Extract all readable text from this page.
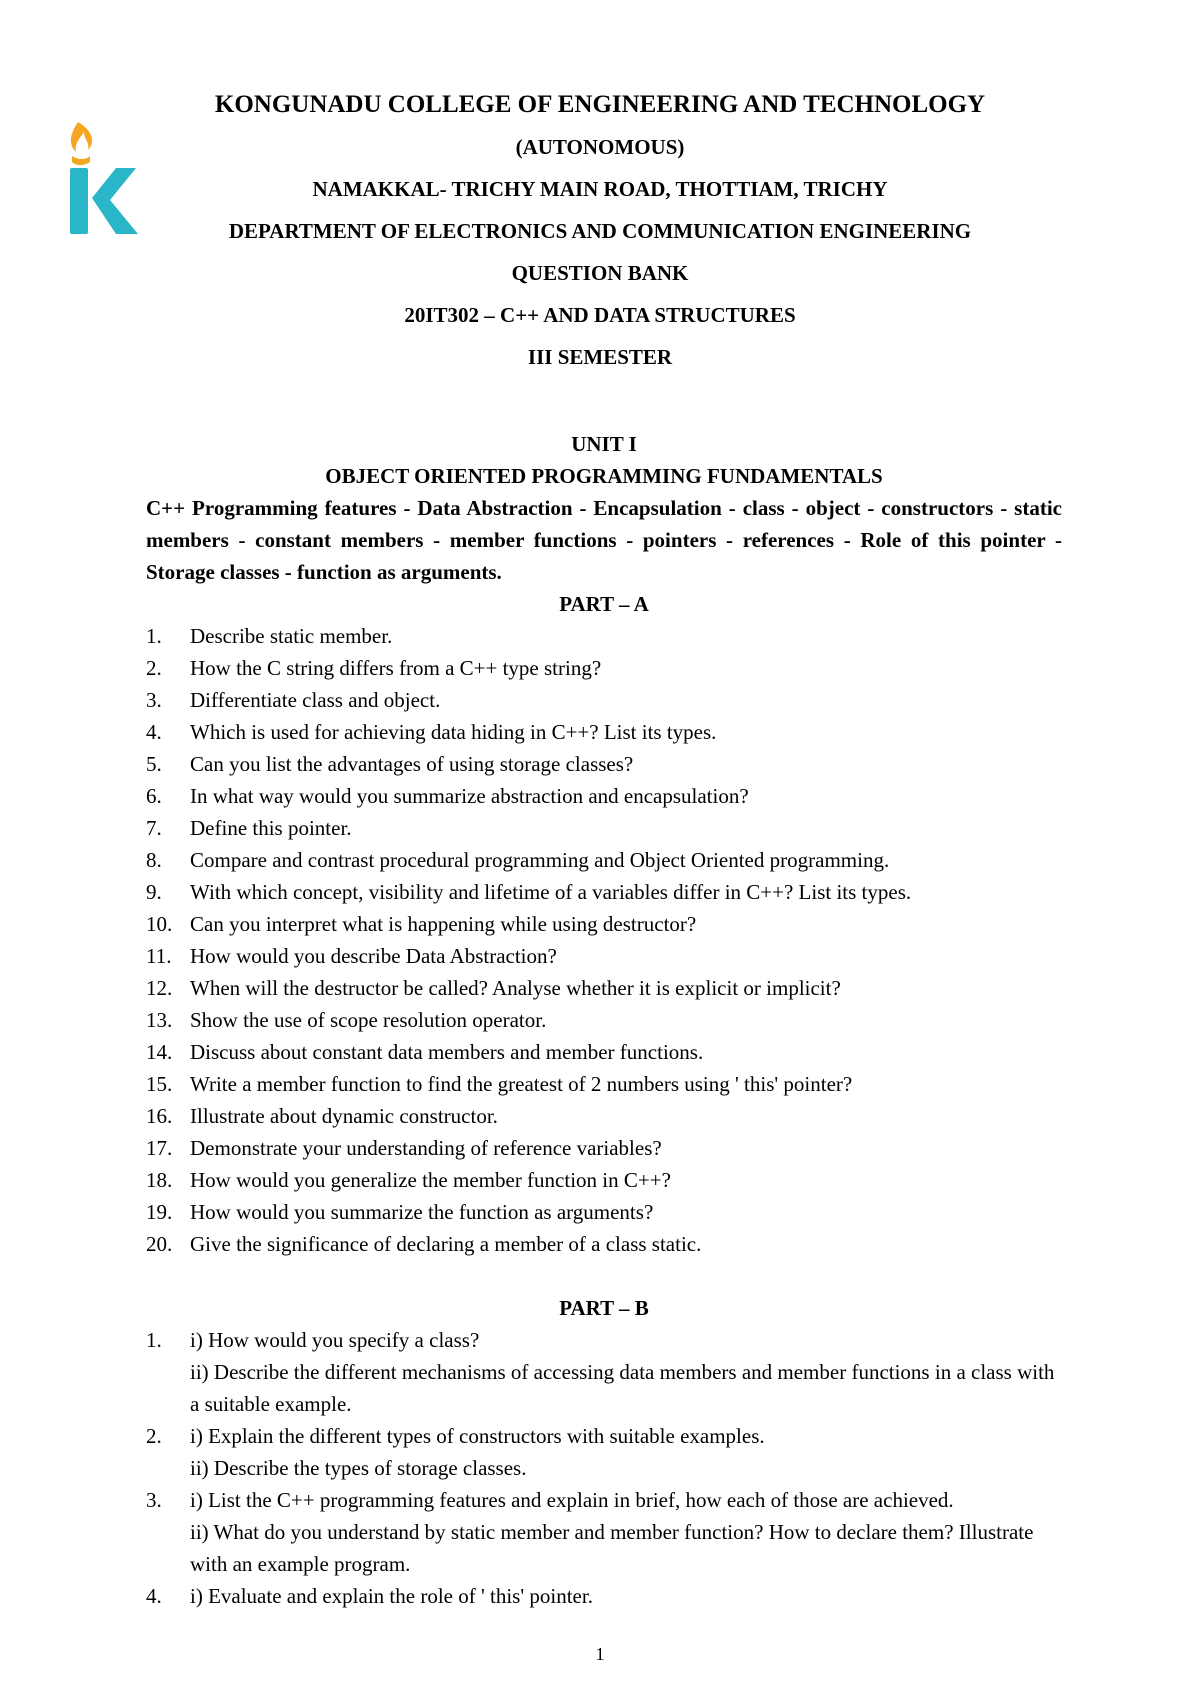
KONGUNADU COLLEGE OF ENGINEERING AND TECHNOLOGY
(AUTONOMOUS)
NAMAKKAL- TRICHY MAIN ROAD, THOTTIAM, TRICHY
DEPARTMENT OF ELECTRONICS AND COMMUNICATION ENGINEERING
QUESTION BANK
20IT302 – C++ AND DATA STRUCTURES
III SEMESTER
UNIT I
OBJECT ORIENTED PROGRAMMING FUNDAMENTALS
C++ Programming features - Data Abstraction - Encapsulation - class - object - constructors - static members - constant members - member functions - pointers - references - Role of this pointer - Storage classes - function as arguments.
PART – A
1. Describe static member.
2. How the C string differs from a C++ type string?
3. Differentiate class and object.
4. Which is used for achieving data hiding in C++? List its types.
5. Can you list the advantages of using storage classes?
6. In what way would you summarize abstraction and encapsulation?
7. Define this pointer.
8. Compare and contrast procedural programming and Object Oriented programming.
9. With which concept, visibility and lifetime of a variables differ in C++? List its types.
10. Can you interpret what is happening while using destructor?
11. How would you describe Data Abstraction?
12. When will the destructor be called? Analyse whether it is explicit or implicit?
13. Show the use of scope resolution operator.
14. Discuss about constant data members and member functions.
15. Write a member function to find the greatest of 2 numbers using ' this' pointer?
16. Illustrate about dynamic constructor.
17. Demonstrate your understanding of reference variables?
18. How would you generalize the member function in C++?
19. How would you summarize the function as arguments?
20. Give the significance of declaring a member of a class static.
PART – B
1. i) How would you specify a class?
ii) Describe the different mechanisms of accessing data members and member functions in a class with a suitable example.
2. i) Explain the different types of constructors with suitable examples.
ii) Describe the types of storage classes.
3. i) List the C++ programming features and explain in brief, how each of those are achieved.
ii) What do you understand by static member and member function? How to declare them? Illustrate with an example program.
4. i) Evaluate and explain the role of ' this' pointer.
1
